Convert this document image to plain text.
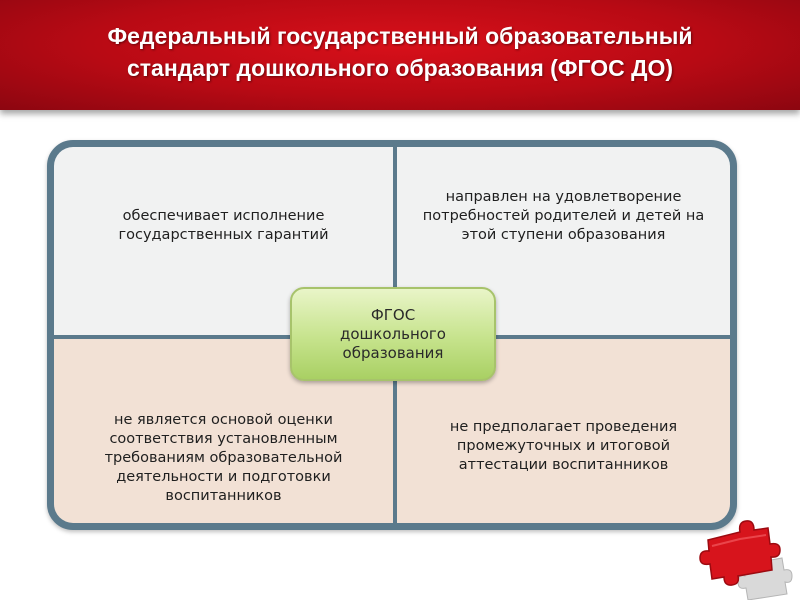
Федеральный государственный образовательный стандарт дошкольного образования (ФГОС ДО)
обеспечивает исполнение государственных гарантий
направлен на удовлетворение потребностей родителей и детей на этой ступени образования
не является основой оценки соответствия установленным требованиям образовательной деятельности и подготовки воспитанников
не предполагает проведения промежуточных и итоговой аттестации воспитанников
ФГОС дошкольного образования
